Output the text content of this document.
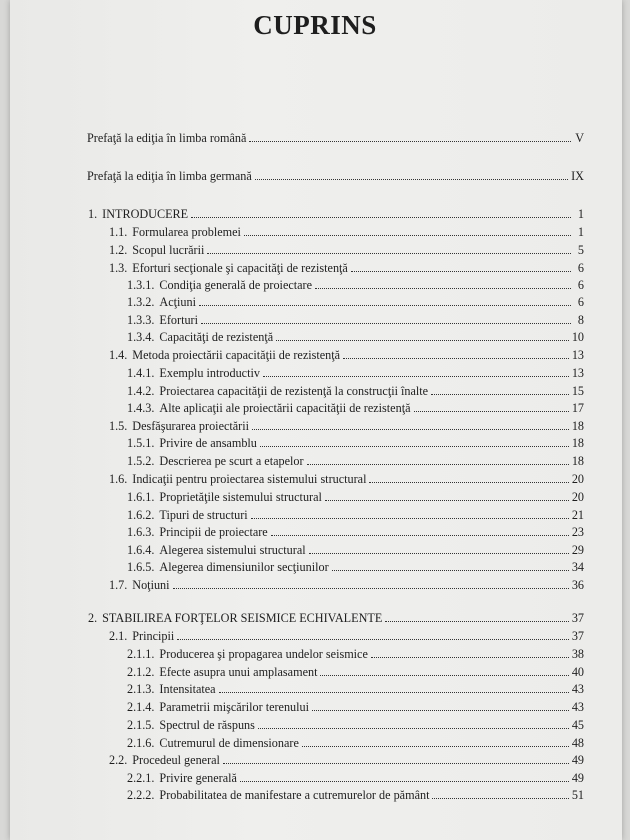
CUPRINS
Prefaţă la ediţia în limba română	V
Prefaţă la ediţia în limba germană	IX
1. INTRODUCERE	1
1.1. Formularea problemei	1
1.2. Scopul lucrării	5
1.3. Eforturi secţionale şi capacităţi de rezistenţă	6
1.3.1. Condiţia generală de proiectare	6
1.3.2. Acţiuni	6
1.3.3. Eforturi	8
1.3.4. Capacităţi de rezistenţă	10
1.4. Metoda proiectării capacităţii de rezistenţă	13
1.4.1. Exemplu introductiv	13
1.4.2. Proiectarea capacităţii de rezistenţă la construcţii înalte	15
1.4.3. Alte aplicaţii ale proiectării capacităţii de rezistenţă	17
1.5. Desfăşurarea proiectării	18
1.5.1. Privire de ansamblu	18
1.5.2. Descrierea pe scurt a etapelor	18
1.6. Indicaţii pentru proiectarea sistemului structural	20
1.6.1. Proprietăţile sistemului structural	20
1.6.2. Tipuri de structuri	21
1.6.3. Principii de proiectare	23
1.6.4. Alegerea sistemului structural	29
1.6.5. Alegerea dimensiunilor secţiunilor	34
1.7. Noţiuni	36
2. STABILIREA FORŢELOR SEISMICE ECHIVALENTE	37
2.1. Principii	37
2.1.1. Producerea şi propagarea undelor seismice	38
2.1.2. Efecte asupra unui amplasament	40
2.1.3. Intensitatea	43
2.1.4. Parametrii mişcărilor terenului	43
2.1.5. Spectrul de răspuns	45
2.1.6. Cutremurul de dimensionare	48
2.2. Procedeul general	49
2.2.1. Privire generală	49
2.2.2. Probabilitatea de manifestare a cutremurelor de pământ	51
